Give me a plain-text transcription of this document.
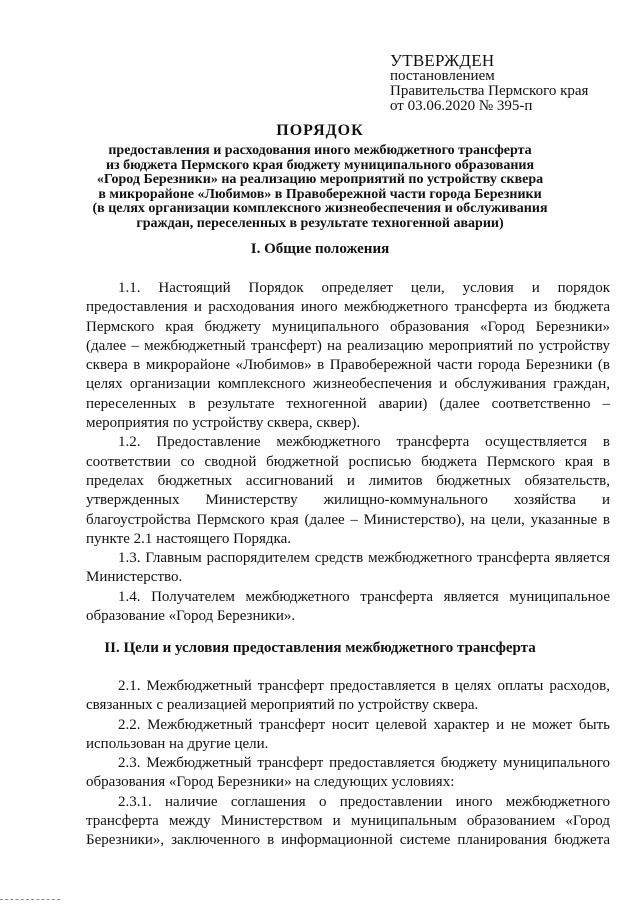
УТВЕРЖДЕН
постановлением
Правительства Пермского края
от 03.06.2020 № 395-п
ПОРЯДОК
предоставления и расходования иного межбюджетного трансферта
из бюджета Пермского края бюджету муниципального образования
«Город Березники» на реализацию мероприятий по устройству сквера
в микрорайоне «Любимов» в Правобережной части города Березники
(в целях организации комплексного жизнеобеспечения и обслуживания
граждан, переселенных в результате техногенной аварии)
I. Общие положения

1.1. Настоящий Порядок определяет цели, условия и порядок предоставления и расходования иного межбюджетного трансферта из бюджета Пермского края бюджету муниципального образования «Город Березники» (далее – межбюджетный трансферт) на реализацию мероприятий по устройству сквера в микрорайоне «Любимов» в Правобережной части города Березники (в целях организации комплексного жизнеобеспечения и обслуживания граждан, переселенных в результате техногенной аварии) (далее соответственно – мероприятия по устройству сквера, сквер).

1.2. Предоставление межбюджетного трансферта осуществляется в соответствии со сводной бюджетной росписью бюджета Пермского края в пределах бюджетных ассигнований и лимитов бюджетных обязательств, утвержденных Министерству жилищно-коммунального хозяйства и благоустройства Пермского края (далее – Министерство), на цели, указанные в пункте 2.1 настоящего Порядка.

1.3. Главным распорядителем средств межбюджетного трансферта является Министерство.

1.4. Получателем межбюджетного трансферта является муниципальное образование «Город Березники».

II. Цели и условия предоставления межбюджетного трансферта

2.1. Межбюджетный трансферт предоставляется в целях оплаты расходов, связанных с реализацией мероприятий по устройству сквера.

2.2. Межбюджетный трансферт носит целевой характер и не может быть использован на другие цели.

2.3. Межбюджетный трансферт предоставляется бюджету муниципального образования «Город Березники» на следующих условиях:

2.3.1. наличие соглашения о предоставлении иного межбюджетного трансферта между Министерством и муниципальным образованием «Город Березники», заключенного в информационной системе планирования бюджета
